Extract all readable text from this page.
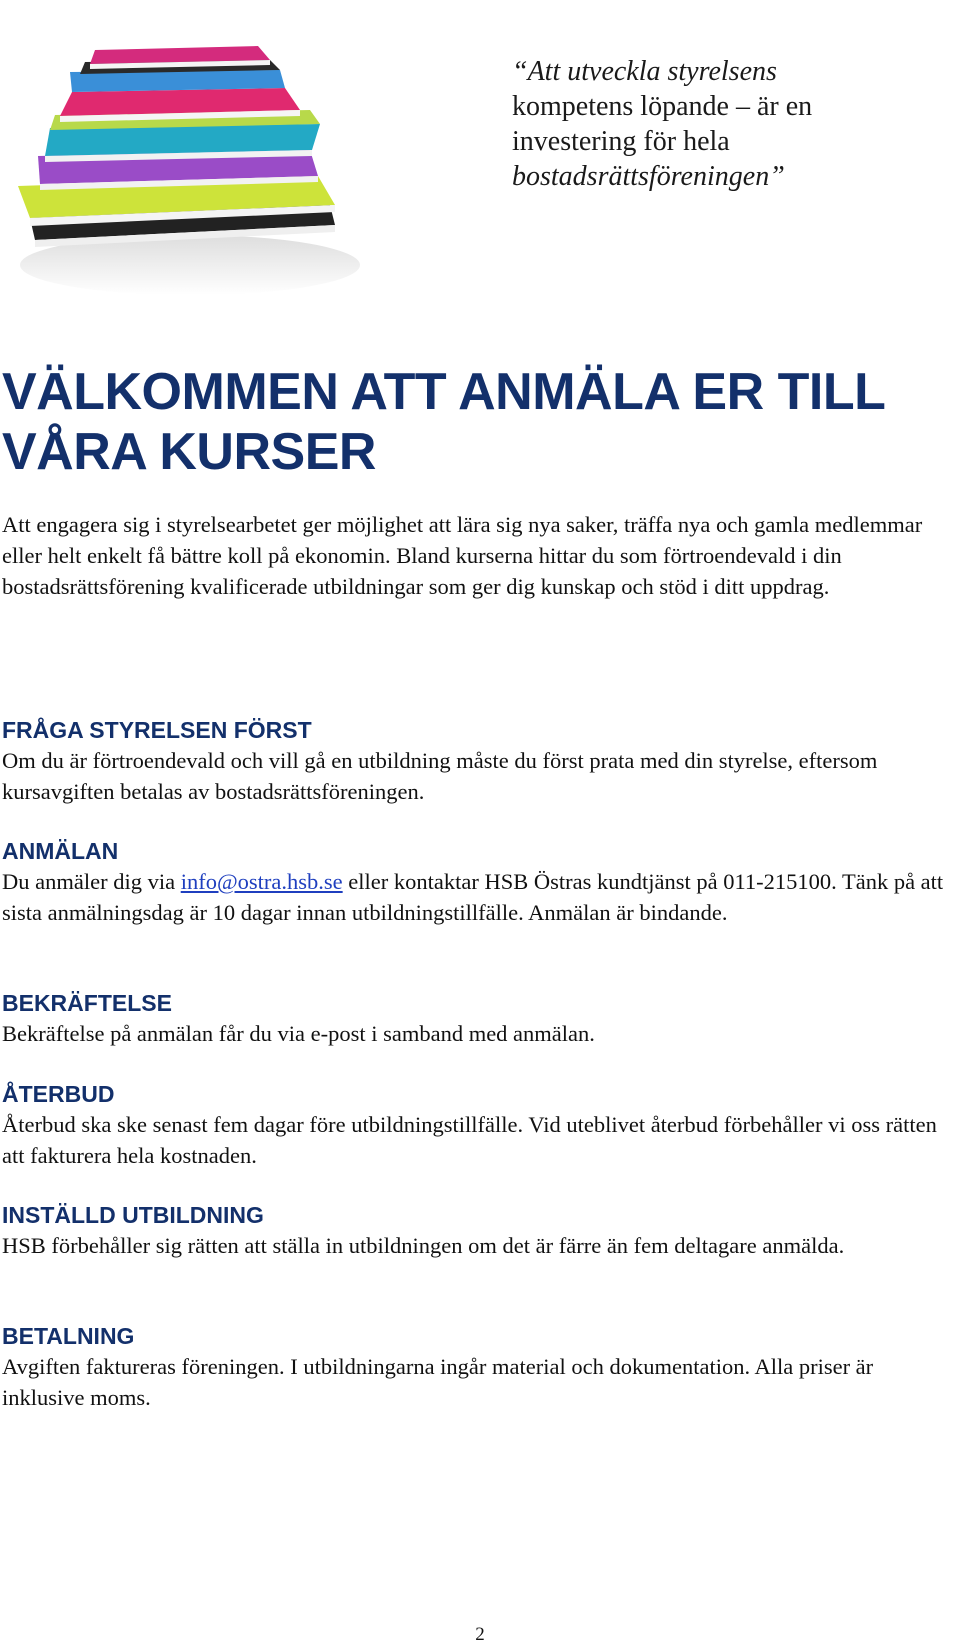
“Att utveckla styrelsens
kompetens löpande – är en investering för hela bostadsrättsföreningen”
VÄLKOMMEN ATT ANMÄLA ER TILL VÅRA KURSER

Att engagera sig i styrelsearbetet ger möjlighet att lära sig nya saker, träffa nya och gamla medlemmar eller helt enkelt få bättre koll på ekonomin. Bland kurserna hittar du som förtroendevald i din bostadsrättsförening kvalificerade utbildningar som ger dig kunskap och stöd i ditt uppdrag.

FRÅGA STYRELSEN FÖRST

Om du är förtroendevald och vill gå en utbildning måste du först prata med din styrelse, eftersom kursavgiften betalas av bostadsrättsföreningen.

ANMÄLAN

Du anmäler dig via info@ostra.hsb.se eller kontaktar HSB Östras kundtjänst på 011-215100. Tänk på att sista anmälningsdag är 10 dagar innan utbildningstillfälle. Anmälan är bindande.

BEKRÄFTELSE

Bekräftelse på anmälan får du via e-post i samband med anmälan.

ÅTERBUD

Återbud ska ske senast fem dagar före utbildningstillfälle. Vid uteblivet återbud förbehåller vi oss rätten att fakturera hela kostnaden.

INSTÄLLD UTBILDNING

HSB förbehåller sig rätten att ställa in utbildningen om det är färre än fem deltagare anmälda.

BETALNING

Avgiften faktureras föreningen. I utbildningarna ingår material och dokumentation. Alla priser är inklusive moms.

2
